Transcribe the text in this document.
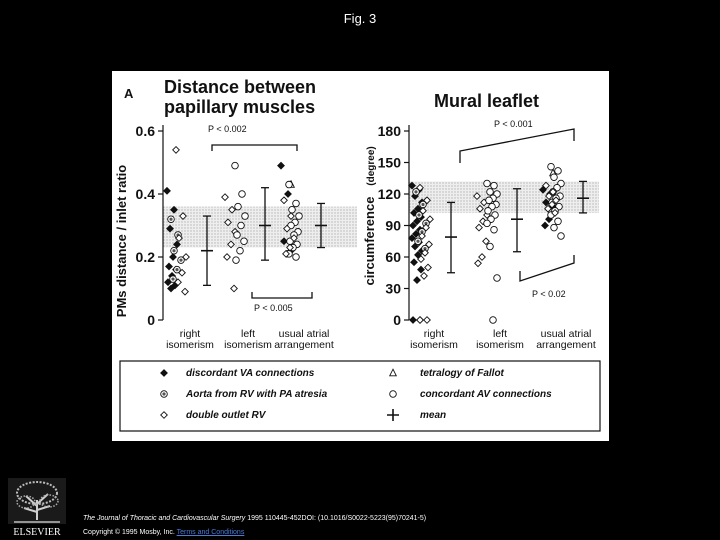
Fig. 3
0
0.2
0.4
0.6
A Distance between
papillary muscles
PMs distance / inlet ratio
right
isomerism
left
isomerism
usual atrial
arrangement
P < 0.002
P < 0.005
0
30
60
90
120
150
180
Mural leaflet
circumference
(degree)
right
isomerism
left
isomerism
usual atrial
arrangement
P < 0.001
P < 0.02
discordant VA connections	tetralogy of Fallot
Aorta from RV with PA atresia	concordant AV connections
double outlet RV	mean
ELSEVIER
The Journal of Thoracic and Cardiovascular Surgery 1995 110445-452DOI: (10.1016/S0022-5223(95)70241-5)
Copyright © 1995 Mosby, Inc. Terms and Conditions
